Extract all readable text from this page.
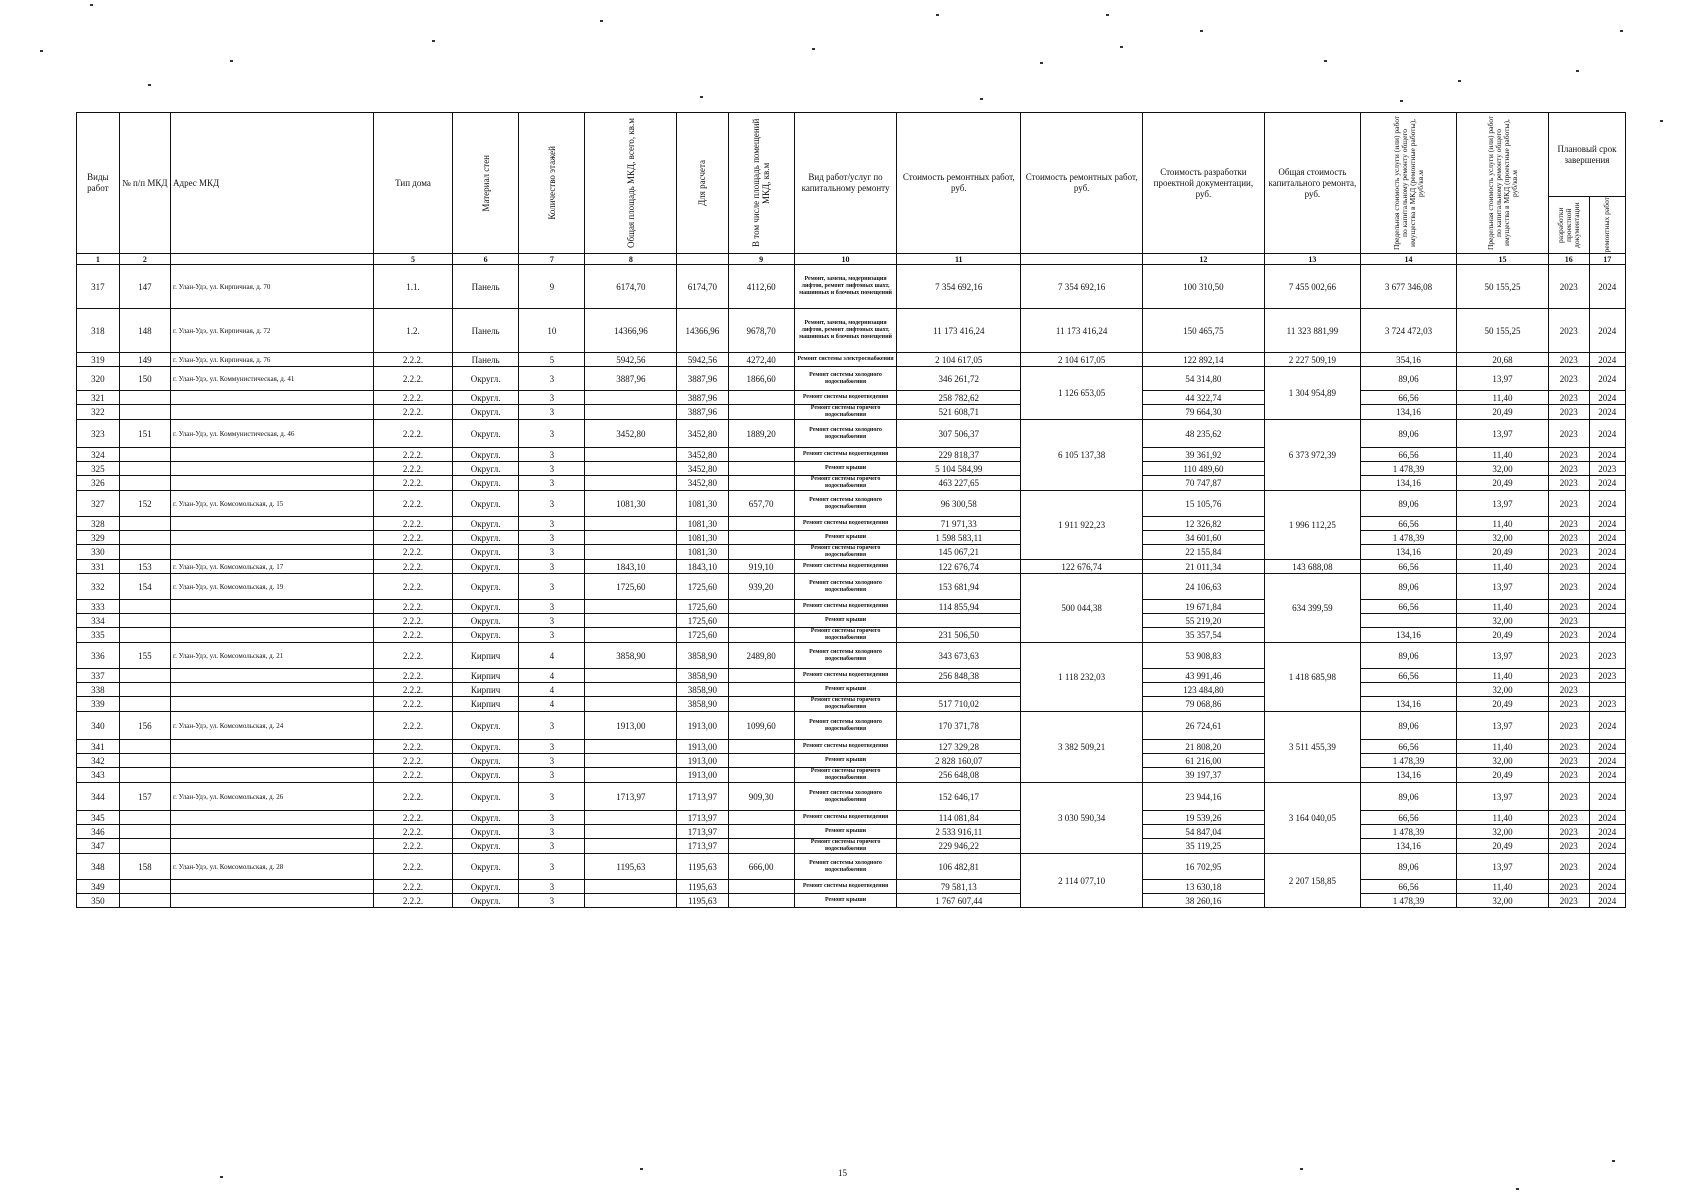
Виды работ	№ п/п МКД	Адрес МКД	Тип дома	Материал стен	Количество этажей	Общая площадь МКД, всего, кв.м	Для расчета	В том числе площадь помещений МКД, кв.м	Вид работ/услуг по капитальному ремонту	Стоимость ремонтных работ, руб.	Стоимость ремонтных работ, руб.	Стоимость разработки проектной документации, руб.	Общая стоимость капитального ремонта, руб.	Предельная стоимость услуги (или) работ по капитальному ремонту общего имущества в МКД (ремонтные работы), руб/кв.м	Предельная стоимость услуги (или) работ по капитальному ремонту общего имущества в МКД (проектные работы), руб/кв.м	Плановый срок завершения	

																разработки проектной документации	ремонтных работ

1	2		5	6	7	8		9	10	11		12	13	14	15	16	17
317	147	г. Улан-Удэ, ул. Кирпичная, д. 70	1.1.	Панель	9	6174,70	6174,70	4112,60	Ремонт, замена, модернизация лифтов, ремонт лифтовых шахт, машинных и блочных помещений	7 354 692,16	7 354 692,16	100 310,50	7 455 002,66	3 677 346,08	50 155,25	2023	2024
318	148	г. Улан-Удэ, ул. Кирпичная, д. 72	1.2.	Панель	10	14366,96	14366,96	9678,70	Ремонт, замена, модернизация лифтов, ремонт лифтовых шахт, машинных и блочных помещений	11 173 416,24	11 173 416,24	150 465,75	11 323 881,99	3 724 472,03	50 155,25	2023	2024
319	149	г. Улан-Удэ, ул. Кирпичная, д. 76	2.2.2.	Панель	5	5942,56	5942,56	4272,40	Ремонт системы электроснабжения	2 104 617,05	2 104 617,05	122 892,14	2 227 509,19	354,16	20,68	2023	2024
320	150	г. Улан-Удэ, ул. Коммунистическая, д. 41	2.2.2.	Округл.	3	3887,96	3887,96	1866,60	Ремонт системы холодного водоснабжения	346 261,72	1 126 653,05	54 314,80	1 304 954,89	89,06	13,97	2023	2024
321			2.2.2.	Округл.	3		3887,96		Ремонт системы водоотведения	258 782,62		44 322,74		66,56	11,40	2023	2024
322			2.2.2.	Округл.	3		3887,96		Ремонт системы горячего водоснабжения	521 608,71		79 664,30		134,16	20,49	2023	2024
323	151	г. Улан-Удэ, ул. Коммунистическая, д. 46	2.2.2.	Округл.	3	3452,80	3452,80	1889,20	Ремонт системы холодного водоснабжения	307 506,37	6 105 137,38	48 235,62	6 373 972,39	89,06	13,97	2023	2024
324			2.2.2.	Округл.	3		3452,80		Ремонт системы водоотведения	229 818,37		39 361,92		66,56	11,40	2023	2024
325			2.2.2.	Округл.	3		3452,80		Ремонт крыши	5 104 584,99		110 489,60		1 478,39	32,00	2023	2023
326			2.2.2.	Округл.	3		3452,80		Ремонт системы горячего водоснабжения	463 227,65		70 747,87		134,16	20,49	2023	2024
327	152	г. Улан-Удэ, ул. Комсомольская, д. 15	2.2.2.	Округл.	3	1081,30	1081,30	657,70	Ремонт системы холодного водоснабжения	96 300,58	1 911 922,23	15 105,76	1 996 112,25	89,06	13,97	2023	2024
328			2.2.2.	Округл.	3		1081,30		Ремонт системы водоотведения	71 971,33		12 326,82		66,56	11,40	2023	2024
329			2.2.2.	Округл.	3		1081,30		Ремонт крыши	1 598 583,11		34 601,60		1 478,39	32,00	2023	2024
330			2.2.2.	Округл.	3		1081,30		Ремонт системы горячего водоснабжения	145 067,21		22 155,84		134,16	20,49	2023	2024
331	153	г. Улан-Удэ, ул. Комсомольская, д. 17	2.2.2.	Округл.	3	1843,10	1843,10	919,10	Ремонт системы водоотведения	122 676,74	122 676,74	21 011,34	143 688,08	66,56	11,40	2023	2024
332	154	г. Улан-Удэ, ул. Комсомольская, д. 19	2.2.2.	Округл.	3	1725,60	1725,60	939,20	Ремонт системы холодного водоснабжения	153 681,94	500 044,38	24 106,63	634 399,59	89,06	13,97	2023	2024
333			2.2.2.	Округл.	3		1725,60		Ремонт системы водоотведения	114 855,94		19 671,84		66,56	11,40	2023	2024
334			2.2.2.	Округл.	3		1725,60		Ремонт крыши			55 219,20			32,00	2023	
335			2.2.2.	Округл.	3		1725,60		Ремонт системы горячего водоснабжения	231 506,50		35 357,54		134,16	20,49	2023	2024
336	155	г. Улан-Удэ, ул. Комсомольская, д. 21	2.2.2.	Кирпич	4	3858,90	3858,90	2489,80	Ремонт системы холодного водоснабжения	343 673,63	1 118 232,03	53 908,83	1 418 685,98	89,06	13,97	2023	2023
337			2.2.2.	Кирпич	4		3858,90		Ремонт системы водоотведения	256 848,38		43 991,46		66,56	11,40	2023	2023
338			2.2.2.	Кирпич	4		3858,90		Ремонт крыши			123 484,80			32,00	2023	
339			2.2.2.	Кирпич	4		3858,90		Ремонт системы горячего водоснабжения	517 710,02		79 068,86		134,16	20,49	2023	2023
340	156	г. Улан-Удэ, ул. Комсомольская, д. 24	2.2.2.	Округл.	3	1913,00	1913,00	1099,60	Ремонт системы холодного водоснабжения	170 371,78	3 382 509,21	26 724,61	3 511 455,39	89,06	13,97	2023	2024
341			2.2.2.	Округл.	3		1913,00		Ремонт системы водоотведения	127 329,28		21 808,20		66,56	11,40	2023	2024
342			2.2.2.	Округл.	3		1913,00		Ремонт крыши	2 828 160,07		61 216,00		1 478,39	32,00	2023	2024
343			2.2.2.	Округл.	3		1913,00		Ремонт системы горячего водоснабжения	256 648,08		39 197,37		134,16	20,49	2023	2024
344	157	г. Улан-Удэ, ул. Комсомольская, д. 26	2.2.2.	Округл.	3	1713,97	1713,97	909,30	Ремонт системы холодного водоснабжения	152 646,17	3 030 590,34	23 944,16	3 164 040,05	89,06	13,97	2023	2024
345			2.2.2.	Округл.	3		1713,97		Ремонт системы водоотведения	114 081,84		19 539,26		66,56	11,40	2023	2024
346			2.2.2.	Округл.	3		1713,97		Ремонт крыши	2 533 916,11		54 847,04		1 478,39	32,00	2023	2024
347			2.2.2.	Округл.	3		1713,97		Ремонт системы горячего водоснабжения	229 946,22		35 119,25		134,16	20,49	2023	2024
348	158	г. Улан-Удэ, ул. Комсомольская, д. 28	2.2.2.	Округл.	3	1195,63	1195,63	666,00	Ремонт системы холодного водоснабжения	106 482,81	2 114 077,10	16 702,95	2 207 158,85	89,06	13,97	2023	2024
349			2.2.2.	Округл.	3		1195,63		Ремонт системы водоотведения	79 581,13		13 630,18		66,56	11,40	2023	2024
350			2.2.2.	Округл.	3		1195,63		Ремонт крыши	1 767 607,44		38 260,16		1 478,39	32,00	2023	2024
15
